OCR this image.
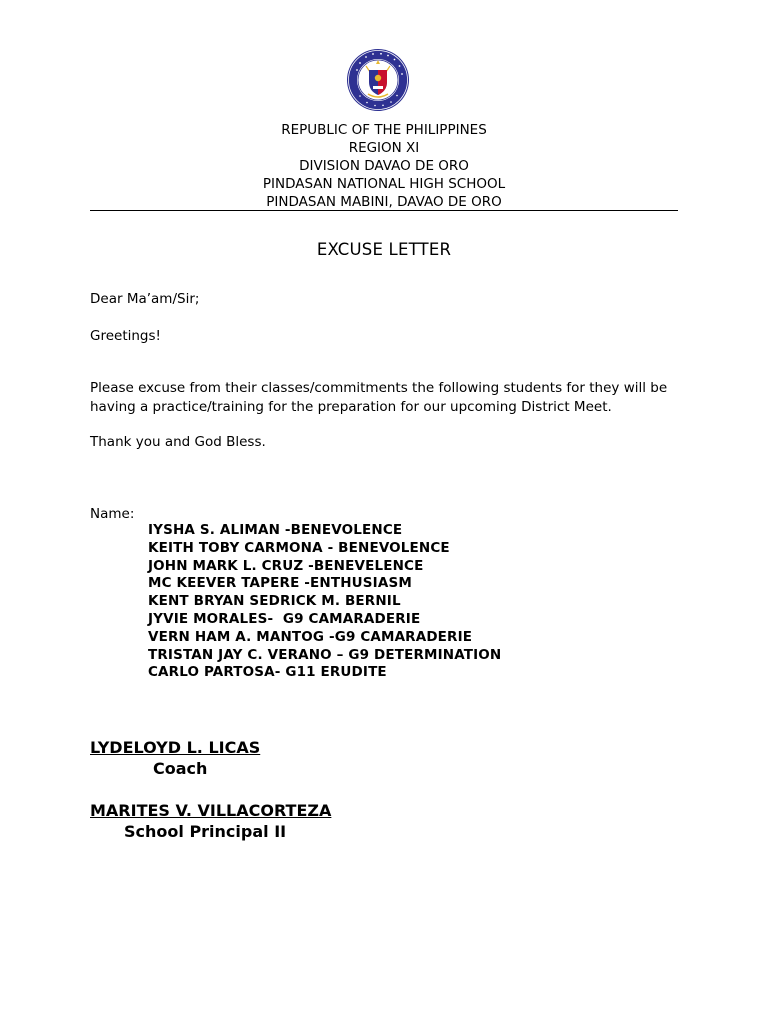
REPUBLIC OF THE PHILIPPINES
REGION XI
DIVISION DAVAO DE ORO
PINDASAN NATIONAL HIGH SCHOOL
PINDASAN MABINI, DAVAO DE ORO
EXCUSE LETTER
Dear Ma’am/Sir;
Greetings!
Please excuse from their classes/commitments the following students for they will be having a practice/training for the preparation for our upcoming District Meet.
Thank you and God Bless.
Name:
IYSHA S. ALIMAN -BENEVOLENCE
KEITH TOBY CARMONA - BENEVOLENCE
JOHN MARK L. CRUZ -BENEVELENCE
MC KEEVER TAPERE -ENTHUSIASM
KENT BRYAN SEDRICK M. BERNIL
JYVIE MORALES-  G9 CAMARADERIE
VERN HAM A. MANTOG -G9 CAMARADERIE
TRISTAN JAY C. VERANO – G9 DETERMINATION
CARLO PARTOSA- G11 ERUDITE
LYDELOYD L. LICAS
Coach
MARITES V. VILLACORTEZA
School Principal II
